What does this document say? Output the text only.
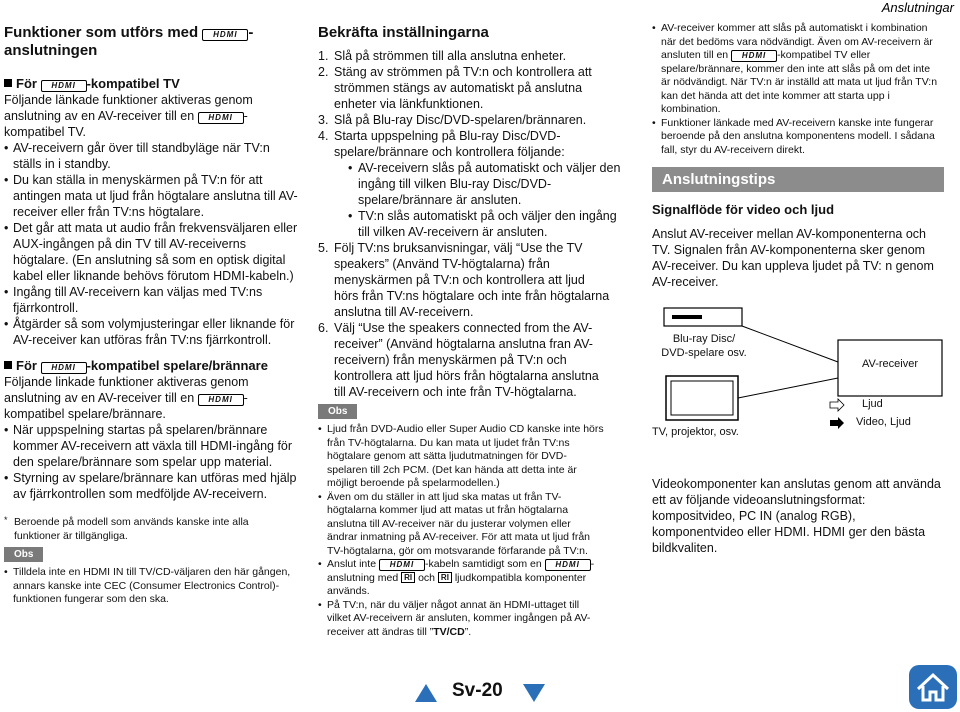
Anslutningar
Funktioner som utförs med HDMI -
anslutningen
För HDMI -kompatibel TV

Följande länkade funktioner aktiveras genom
anslutning av en AV-receiver till en HDMI -
kompatibel TV.

• AV-receivern går över till standbyläge när TV:n
ställs in i standby.
• Du kan ställa in menyskärmen på TV:n för att
antingen mata ut ljud från högtalare anslutna till AV-
receiver eller från TV:ns högtalare.
• Det går att mata ut audio från frekvensväljaren eller
AUX-ingången på din TV till AV-receiverns
högtalare. (En anslutning så som en optisk digital
kabel eller liknande behövs förutom HDMI-kabeln.)
• Ingång till AV-receivern kan väljas med TV:ns
fjärrkontroll.
• Åtgärder så som volymjusteringar eller liknande för
AV-receiver kan utföras från TV:ns fjärrkontroll.
För HDMI -kompatibel spelare/brännare

Följande linkade funktioner aktiveras genom
anslutning av en AV-receiver till en HDMI -
kompatibel spelare/brännare.

• När uppspelning startas på spelaren/brännare
kommer AV-receivern att växla till HDMI-ingång för
den spelare/brännare som spelar upp material.
• Styrning av spelare/brännare kan utföras med hjälp
av fjärrkontrollen som medföljde AV-receivern.

* Beroende på modell som används kanske inte alla
funktioner är tillgängliga.

Obs
• Tilldela inte en HDMI IN till TV/CD-väljaren den här gången,
annars kanske inte CEC (Consumer Electronics Control)-
funktionen fungerar som den ska.
Bekräfta inställningarna
1. Slå på strömmen till alla anslutna enheter.
2. Stäng av strömmen på TV:n och kontrollera att
strömmen stängs av automatiskt på anslutna
enheter via länkfunktionen.
3. Slå på Blu-ray Disc/DVD-spelaren/brännaren.
4. Starta uppspelning på Blu-ray Disc/DVD-
spelare/brännare och kontrollera följande:
• AV-receivern slås på automatiskt och väljer den
ingång till vilken Blu-ray Disc/DVD-
spelare/brännare är ansluten.
• TV:n slås automatiskt på och väljer den ingång
till vilken AV-receivern är ansluten.
5. Följ TV:ns bruksanvisningar, välj “Use the TV
speakers” (Använd TV-högtalarna) från
menyskärmen på TV:n och kontrollera att ljud
hörs från TV:ns högtalare och inte från högtalarna
anslutna till AV-receivern.
6. Välj “Use the speakers connected from the AV-
receiver” (Använd högtalarna anslutna fran AV-
receivern) från menyskärmen på TV:n och
kontrollera att ljud hörs från högtalarna anslutna
till AV-receivern och inte från TV-högtalarna.
Obs
• Ljud från DVD-Audio eller Super Audio CD kanske inte hörs
från TV-högtalarna. Du kan mata ut ljudet från TV:ns
högtalare genom att sätta ljudutmatningen för DVD-
spelaren till 2ch PCM. (Det kan hända att detta inte är
möjligt beroende på spelarmodellen.)
• Även om du ställer in att ljud ska matas ut från TV-
högtalarna kommer ljud att matas ut från högtalarna
anslutna till AV-receiver när du justerar volymen eller
ändrar inmatning på AV-receiver. För att mata ut ljud från
TV-högtalarna, gör om motsvarande förfarande på TV:n.
• Anslut inte HDMI -kabeln samtidigt som en HDMI -
anslutning med RI och RI ljudkompatibla komponenter
används.
• På TV:n, när du väljer något annat än HDMI-uttaget till
vilket AV-receivern är ansluten, kommer ingången på AV-
receiver att ändras till ”TV/CD”.
• AV-receiver kommer att slås på automatiskt i kombination
när det bedöms vara nödvändigt. Även om AV-receivern är
ansluten till en HDMI -kompatibel TV eller
spelare/brännare, kommer den inte att slås på om det inte
är nödvändigt. När TV:n är inställd att mata ut ljud från TV:n
kan det hända att det inte kommer att starta upp i
kombination.
• Funktioner länkade med AV-receivern kanske inte fungerar
beroende på den anslutna komponentens modell. I sådana
fall, styr du AV-receivern direkt.
Anslutningstips
Signalflöde för video och ljud

Anslut AV-receiver mellan AV-komponenterna och
TV. Signalen från AV-komponenterna sker genom
AV-receiver. Du kan uppleva ljudet på TV: n genom
AV-receiver.

Blu-ray Disc/
DVD-spelare osv.
TV, projektor, osv.
AV-receiver
Ljud
Video, Ljud

Videokomponenter kan anslutas genom att använda
ett av följande videoanslutningsformat:
kompositvideo, PC IN (analog RGB),
komponentvideo eller HDMI. HDMI ger den bästa
bildkvaliten.

Sv-20
